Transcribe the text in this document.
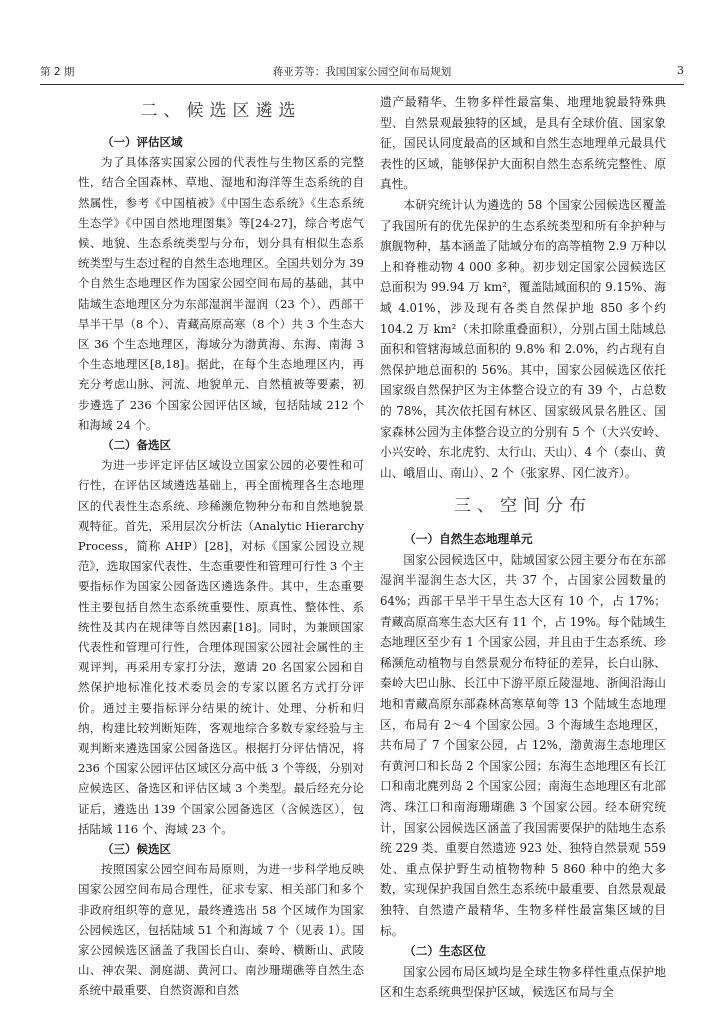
第 2 期	蒋亚芳等：我国国家公园空间布局规划	3
二、候选区遴选
（一）评估区域

为了具体落实国家公园的代表性与生物区系的完整性，结合全国森林、草地、湿地和海洋等生态系统的自然属性，参考《中国植被》《中国生态系统》《生态系统生态学》《中国自然地理图集》等[24-27]，综合考虑气候、地貌、生态系统类型与分布，划分具有相似生态系统类型与生态过程的自然生态地理区。全国共划分为 39 个自然生态地理区作为国家公园空间布局的基础，其中陆域生态地理区分为东部湿润半湿润（23 个）、西部干旱半干旱（8 个）、青藏高原高寒（8 个）共 3 个生态大区 36 个生态地理区，海域分为渤黄海、东海、南海 3 个生态地理区[8,18]。据此，在每个生态地理区内，再充分考虑山脉、河流、地貌单元、自然植被等要素，初步遴选了 236 个国家公园评估区域，包括陆域 212 个和海域 24 个。

（二）备选区

为进一步评定评估区域设立国家公园的必要性和可行性，在评估区域遴选基础上，再全面梳理各生态地理区的代表性生态系统、珍稀濒危物种分布和自然地貌景观特征。首先，采用层次分析法（Analytic Hierarchy Process，简称 AHP）[28]，对标《国家公园设立规范》，选取国家代表性、生态重要性和管理可行性 3 个主要指标作为国家公园备选区遴选条件。其中，生态重要性主要包括自然生态系统重要性、原真性、整体性、系统性及其内在规律等自然因素[18]。同时，为兼顾国家代表性和管理可行性，合理体现国家公园社会属性的主观评判，再采用专家打分法，邀请 20 名国家公园和自然保护地标准化技术委员会的专家以匿名方式打分评价。通过主要指标评分结果的统计、处理、分析和归纳，构建比较判断矩阵，客观地综合多数专家经验与主观判断来遴选国家公园备选区。根据打分评估情况，将 236 个国家公园评估区域区分高中低 3 个等级，分别对应候选区、备选区和评估区域 3 个类型。最后经充分论证后，遴选出 139 个国家公园备选区（含候选区），包括陆域 116 个、海域 23 个。

（三）候选区

按照国家公园空间布局原则，为进一步科学地反映国家公园空间布局合理性，征求专家、相关部门和多个非政府组织等的意见，最终遴选出 58 个区域作为国家公园候选区，包括陆域 51 个和海域 7 个（见表 1）。国家公园候选区涵盖了我国长白山、秦岭、横断山、武陵山、神农架、洞庭湖、黄河口、南沙珊瑚礁等自然生态系统中最重要、自然资源和自然

遗产最精华、生物多样性最富集、地理地貌最特殊典型、自然景观最独特的区域，是具有全球价值、国家象征，国民认同度最高的区域和自然生态地理单元最具代表性的区域，能够保护大面积自然生态系统完整性、原真性。

本研究统计认为遴选的 58 个国家公园候选区覆盖了我国所有的优先保护的生态系统类型和所有伞护种与旗舰物种，基本涵盖了陆域分布的高等植物 2.9 万种以上和脊椎动物 4 000 多种。初步划定国家公园候选区总面积为 99.94 万 km²，覆盖陆域面积的 9.15%、海域 4.01%，涉及现有各类自然保护地 850 多个约 104.2 万 km²（未扣除重叠面积），分别占国土陆域总面积和管辖海域总面积的 9.8% 和 2.0%，约占现有自然保护地总面积的 56%。其中，国家公园候选区依托国家级自然保护区为主体整合设立的有 39 个，占总数的 78%，其次依托国有林区、国家级风景名胜区、国家森林公园为主体整合设立的分别有 5 个（大兴安岭、小兴安岭、东北虎豹、太行山、天山）、4 个（泰山、黄山、峨眉山、南山）、2 个（张家界、冈仁波齐）。

三、空间分布
（一）自然生态地理单元

国家公园候选区中，陆域国家公园主要分布在东部湿润半湿润生态大区，共 37 个，占国家公园数量的 64%；西部干旱半干旱生态大区有 10 个，占 17%；青藏高原高寒生态大区有 11 个，占 19%。每个陆域生态地理区至少有 1 个国家公园，并且由于生态系统、珍稀濒危动植物与自然景观分布特征的差异，长白山脉、秦岭大巴山脉、长江中下游平原丘陵湿地、浙闽沿海山地和青藏高原东部森林高寒草甸等 13 个陆域生态地理区，布局有 2～4 个国家公园。3 个海域生态地理区，共布局了 7 个国家公园，占 12%，渤黄海生态地理区有黄河口和长岛 2 个国家公园；东海生态地理区有长江口和南北麂列岛 2 个国家公园；南海生态地理区有北部湾、珠江口和南海珊瑚礁 3 个国家公园。经本研究统计，国家公园候选区涵盖了我国需要保护的陆地生态系统 229 类、重要自然遗迹 923 处、独特自然景观 559 处、重点保护野生动植物物种 5 860 种中的绝大多数，实现保护我国自然生态系统中最重要、自然景观最独特、自然遗产最精华、生物多样性最富集区域的目标。

（二）生态区位

国家公园布局区域均是全球生物多样性重点保护地区和生态系统典型保护区域，候选区布局与全
